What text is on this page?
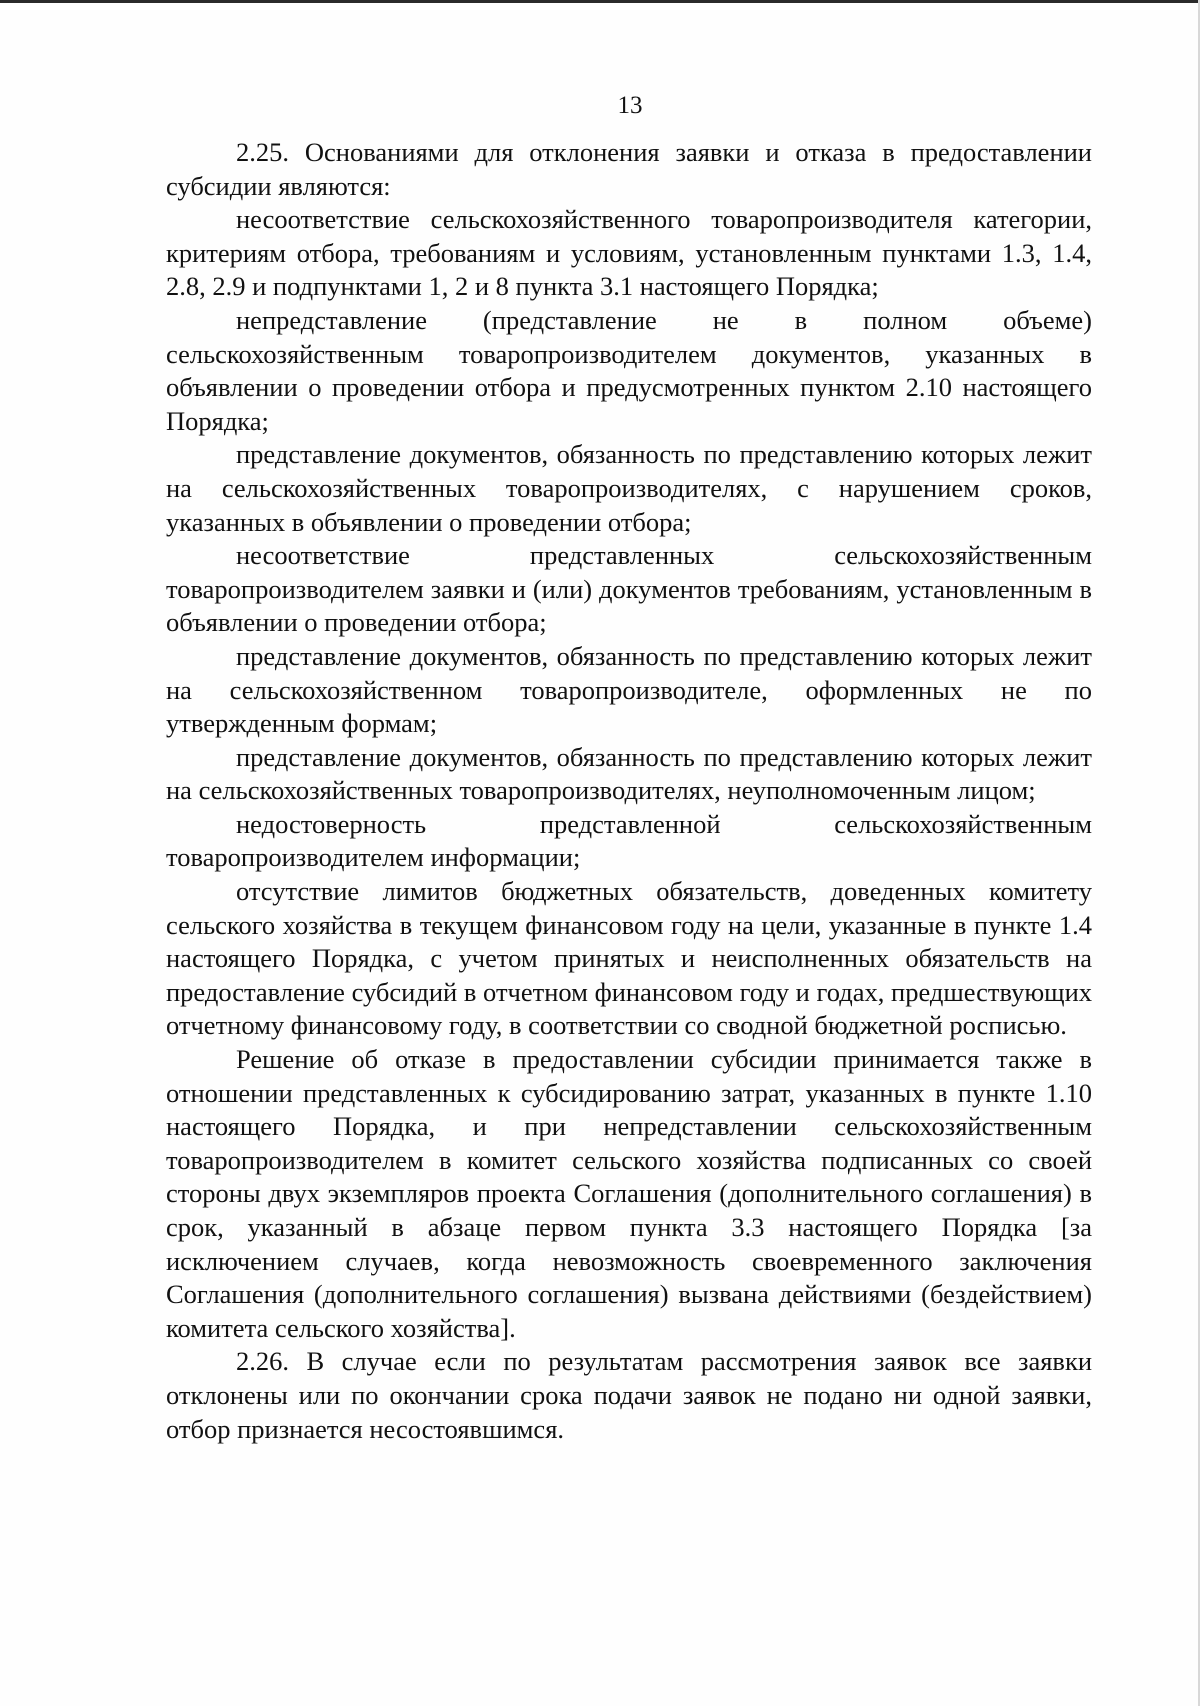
13

2.25. Основаниями для отклонения заявки и отказа в предоставлении субсидии являются:

несоответствие сельскохозяйственного товаропроизводителя категории, критериям отбора, требованиям и условиям, установленным пунктами 1.3, 1.4, 2.8, 2.9 и подпунктами 1, 2 и 8 пункта 3.1 настоящего Порядка;

непредставление (представление не в полном объеме) сельскохозяйственным товаропроизводителем документов, указанных в объявлении о проведении отбора и предусмотренных пунктом 2.10 настоящего Порядка;

представление документов, обязанность по представлению которых лежит на сельскохозяйственных товаропроизводителях, с нарушением сроков, указанных в объявлении о проведении отбора;

несоответствие представленных сельскохозяйственным товаропроизводителем заявки и (или) документов требованиям, установленным в объявлении о проведении отбора;

представление документов, обязанность по представлению которых лежит на сельскохозяйственном товаропроизводителе, оформленных не по утвержденным формам;

представление документов, обязанность по представлению которых лежит на сельскохозяйственных товаропроизводителях, неуполномоченным лицом;

недостоверность представленной сельскохозяйственным товаропроизводителем информации;

отсутствие лимитов бюджетных обязательств, доведенных комитету сельского хозяйства в текущем финансовом году на цели, указанные в пункте 1.4 настоящего Порядка, с учетом принятых и неисполненных обязательств на предоставление субсидий в отчетном финансовом году и годах, предшествующих отчетному финансовому году, в соответствии со сводной бюджетной росписью.

Решение об отказе в предоставлении субсидии принимается также в отношении представленных к субсидированию затрат, указанных в пункте 1.10 настоящего Порядка, и при непредставлении сельскохозяйственным товаропроизводителем в комитет сельского хозяйства подписанных со своей стороны двух экземпляров проекта Соглашения (дополнительного соглашения) в срок, указанный в абзаце первом пункта 3.3 настоящего Порядка [за исключением случаев, когда невозможность своевременного заключения Соглашения (дополнительного соглашения) вызвана действиями (бездействием) комитета сельского хозяйства].

2.26. В случае если по результатам рассмотрения заявок все заявки отклонены или по окончании срока подачи заявок не подано ни одной заявки, отбор признается несостоявшимся.
